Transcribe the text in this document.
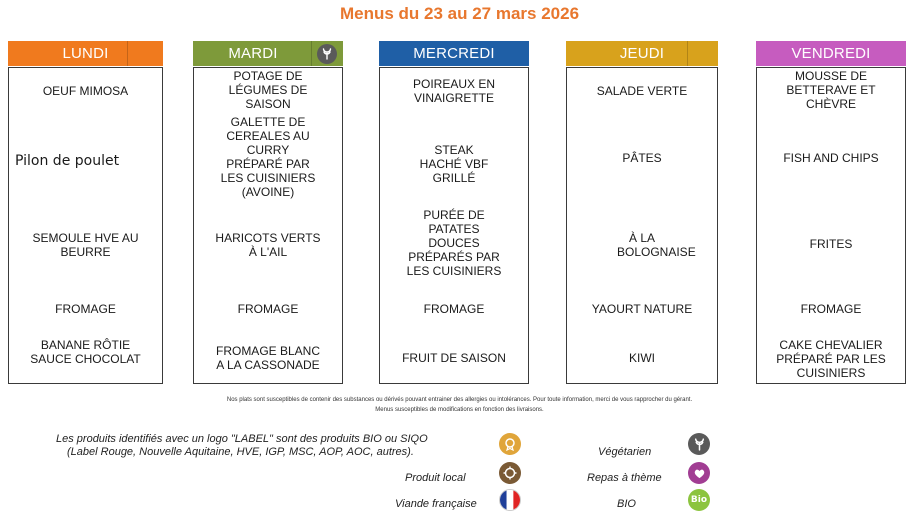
Menus du 23 au 27 mars 2026
LUNDI
OEUF MIMOSA
Pilon de poulet
SEMOULE HVE AU BEURRE
FROMAGE
BANANE RÔTIE SAUCE CHOCOLAT
MARDI
POTAGE DE LÉGUMES DE SAISON
GALETTE DE CEREALES AU CURRY PRÉPARÉ PAR LES CUISINIERS (AVOINE)
HARICOTS VERTS À L'AIL
FROMAGE
FROMAGE BLANC A LA CASSONADE
MERCREDI
POIREAUX EN VINAIGRETTE
STEAK HACHÉ VBF GRILLÉ
PURÉE DE PATATES DOUCES PRÉPARÉS PAR LES CUISINIERS
FROMAGE
FRUIT DE SAISON
JEUDI
SALADE VERTE
PÂTES
À LA BOLOGNAISE
YAOURT NATURE
KIWI
VENDREDI
MOUSSE DE BETTERAVE ET CHÈVRE
FISH AND CHIPS
FRITES
FROMAGE
CAKE CHEVALIER PRÉPARÉ PAR LES CUISINIERS
Nos plats sont susceptibles de contenir des substances ou dérivés pouvant entrainer des allergies ou intolérances. Pour toute information, merci de vous rapprocher du gérant.
Menus susceptibles de modifications en fonction des livraisons.
Les produits identifiés avec un logo "LABEL" sont des produits BIO ou SIQO
(Label Rouge, Nouvelle Aquitaine, HVE, IGP, MSC, AOP, AOC, autres).
Produit local
Viande française
Végétarien
Repas à thème
BIO	Bio
